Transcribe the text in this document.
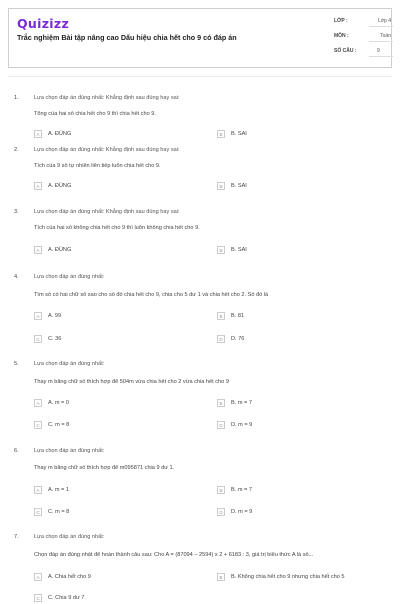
Quizizz
Trắc nghiệm Bài tập nâng cao Dấu hiệu chia hết cho 9 có đáp án
LỚP :	Lớp 4
MÔN :	Toán
SỐ CÂU :	9
1.	Lựa chọn đáp án đúng nhất: Khẳng định sau đúng hay sai:
Tổng của hai số chia hết cho 9 thì chia hết cho 9.
A	A. ĐÚNG	B	B. SAI
2.	Lựa chọn đáp án đúng nhất: Khẳng định sau đúng hay sai:
Tích của 9 số tự nhiên liên tiếp luôn chia hết cho 9.
A	A. ĐÚNG	B	B. SAI
3.	Lựa chọn đáp án đúng nhất: Khẳng định sau đúng hay sai:
Tích của hai số không chia hết cho 9 thì luôn không chia hết cho 9.
A	A. ĐÚNG	B	B. SAI
4.	Lựa chọn đáp án đúng nhất:
Tìm số có hai chữ số sao cho số đó chia hết cho 9, chia cho 5 dư 1 và chia hết cho 2. Số đó là
A	A. 99	B	B. 81
C	C. 36	D	D. 76
5.	Lựa chọn đáp án đúng nhất:
Thay m bằng chữ số thích hợp để 504m vừa chia hết cho 2 vừa chia hết cho 9
A	A. m = 0	B	B. m = 7
C	C. m = 8	D	D. m = 9
6.	Lựa chọn đáp án đúng nhất:
Thay m bằng chữ số thích hợp để m095871 chia 9 dư 1.
A	A. m = 1	B	B. m = 7
C	C. m = 8	D	D. m = 9
7.	Lựa chọn đáp án đúng nhất:
Chọn đáp án đúng nhất để hoàn thành câu sau: Cho A = (87094 – 2594) x 2 + 6183 : 3, giá trị biểu thức A là số...
A	A. Chia hết cho 9	B	B. Không chia hết cho 9 nhưng chia hết cho 5
C	C. Chia 9 dư 7
